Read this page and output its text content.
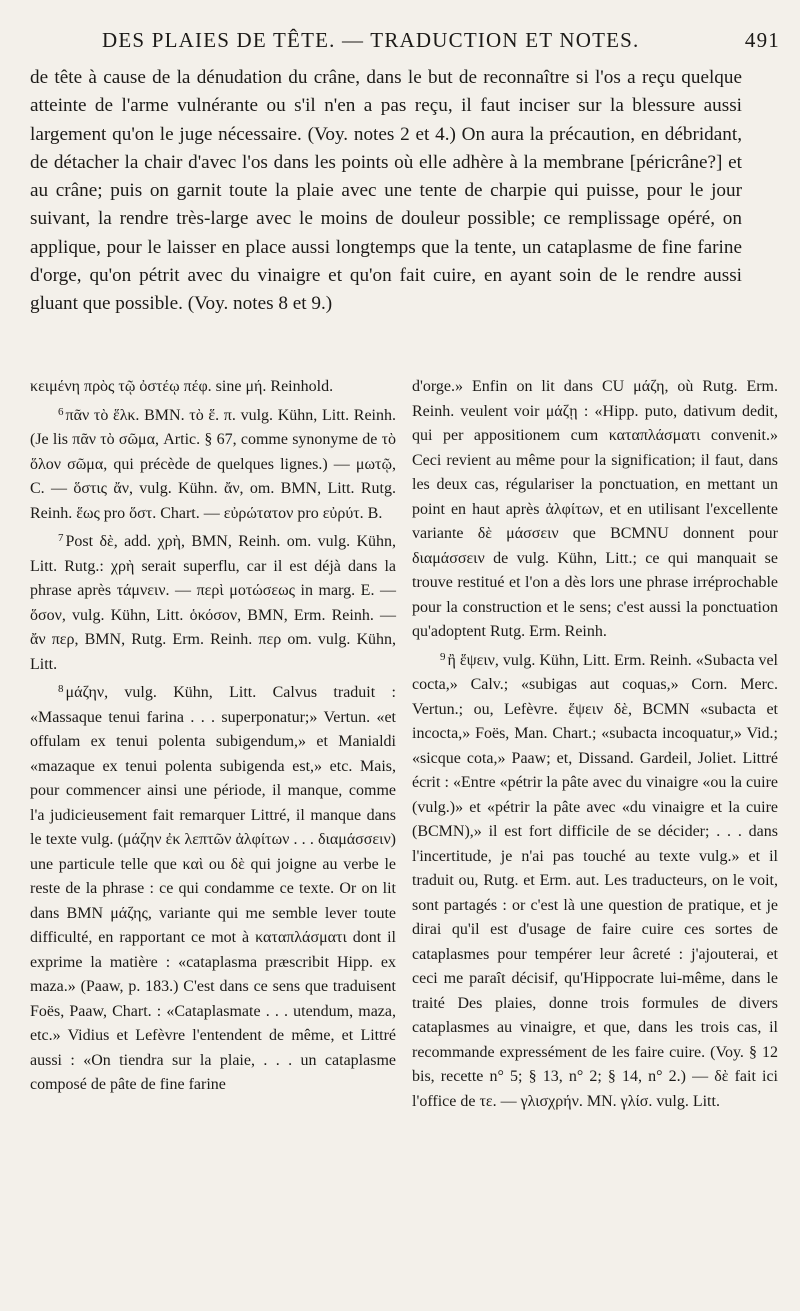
DES PLAIES DE TÊTE. — TRADUCTION ET NOTES.	491

de tête à cause de la dénudation du crâne, dans le but de reconnaître si l'os a reçu quelque atteinte de l'arme vulnérante ou s'il n'en a pas reçu, il faut inciser sur la blessure aussi largement qu'on le juge nécessaire. (Voy. notes 2 et 4.) On aura la précaution, en débridant, de détacher la chair d'avec l'os dans les points où elle adhère à la membrane [péricrâne?] et au crâne; puis on garnit toute la plaie avec une tente de charpie qui puisse, pour le jour suivant, la rendre très-large avec le moins de douleur possible; ce remplissage opéré, on applique, pour le laisser en place aussi longtemps que la tente, un cataplasme de fine farine d'orge, qu'on pétrit avec du vinaigre et qu'on fait cuire, en ayant soin de le rendre aussi gluant que possible. (Voy. notes 8 et 9.)

κειμένη πρὸς τῷ ὀστέῳ πέφ. sine μή. Reinhold.

$^6$ πᾶν τὸ ἕλκ. BMN. τὸ ἕ. π. vulg. Kühn, Litt. Reinh. (Je lis πᾶν τὸ σῶμα, Artic. § 67, comme synonyme de τὸ ὅλον σῶμα, qui précède de quelques lignes.) — μωτῷ, C. — ὅστις ἄν, vulg. Kühn. ἄν, om. BMN, Litt. Rutg. Reinh. ἕως pro ὅστ. Chart. — εὐρώτατον pro εὐρύτ. B.

$^7$ Post δὲ, add. χρὴ, BMN, Reinh. om. vulg. Kühn, Litt. Rutg.: χρὴ serait superflu, car il est déjà dans la phrase après τάμνειν. — περὶ μοτώσεως in marg. E. — ὅσον, vulg. Kühn, Litt. ὁκόσον, BMN, Erm. Reinh. — ἄν περ, BMN, Rutg. Erm. Reinh. περ om. vulg. Kühn, Litt.

$^8$ μάζην, vulg. Kühn, Litt. Calvus traduit : «Massaque tenui farina . . . superponatur;» Vertun. «et offulam ex tenui polenta subigendum,» et Manialdi «mazaque ex tenui polenta subigenda est,» etc. Mais, pour commencer ainsi une période, il manque, comme l'a judicieusement fait remarquer Littré, il manque dans le texte vulg. (μάζην ἐκ λεπτῶν ἀλφίτων . . . διαμάσσειν) une particule telle que καὶ ou δὲ qui joigne au verbe le reste de la phrase : ce qui condamme ce texte. Or on lit dans BMN μάζης, variante qui me semble lever toute difficulté, en rapportant ce mot à καταπλάσματι dont il exprime la matière : «cataplasma præscribit Hipp. ex maza.» (Paaw, p. 183.) C'est dans ce sens que traduisent Foës, Paaw, Chart. : «Cataplasmate . . . utendum, maza, etc.» Vidius et Lefèvre l'entendent de même, et Littré aussi : «On tiendra sur la plaie, . . . un cataplasme composé de pâte de fine farine

d'orge.» Enfin on lit dans CU μάζη, où Rutg. Erm. Reinh. veulent voir μάζῃ : «Hipp. puto, dativum dedit, qui per appositionem cum καταπλάσματι convenit.» Ceci revient au même pour la signification; il faut, dans les deux cas, régulariser la ponctuation, en mettant un point en haut après ἀλφίτων, et en utilisant l'excellente variante δὲ μάσσειν que BCMNU donnent pour διαμάσσειν de vulg. Kühn, Litt.; ce qui manquait se trouve restitué et l'on a dès lors une phrase irréprochable pour la construction et le sens; c'est aussi la ponctuation qu'adoptent Rutg. Erm. Reinh.

$^9$ ἢ ἕψειν, vulg. Kühn, Litt. Erm. Reinh. «Subacta vel cocta,» Calv.; «subigas aut coquas,» Corn. Merc. Vertun.; ou, Lefèvre. ἕψειν δὲ, BCMN «subacta et incocta,» Foës, Man. Chart.; «subacta incoquatur,» Vid.; «sicque cota,» Paaw; et, Dissand. Gardeil, Joliet. Littré écrit : «Entre «pétrir la pâte avec du vinaigre «ou la cuire (vulg.)» et «pétrir la pâte avec «du vinaigre et la cuire (BCMN),» il est fort difficile de se décider; . . . dans l'incertitude, je n'ai pas touché au texte vulg.» et il traduit ou, Rutg. et Erm. aut. Les traducteurs, on le voit, sont partagés : or c'est là une question de pratique, et je dirai qu'il est d'usage de faire cuire ces sortes de cataplasmes pour tempérer leur âcreté : j'ajouterai, et ceci me paraît décisif, qu'Hippocrate lui-même, dans le traité Des plaies, donne trois formules de divers cataplasmes au vinaigre, et que, dans les trois cas, il recommande expressément de les faire cuire. (Voy. § 12 bis, recette n° 5; § 13, n° 2; § 14, n° 2.) — δὲ fait ici l'office de τε. — γλισχρήν. MN. γλίσ. vulg. Litt.
